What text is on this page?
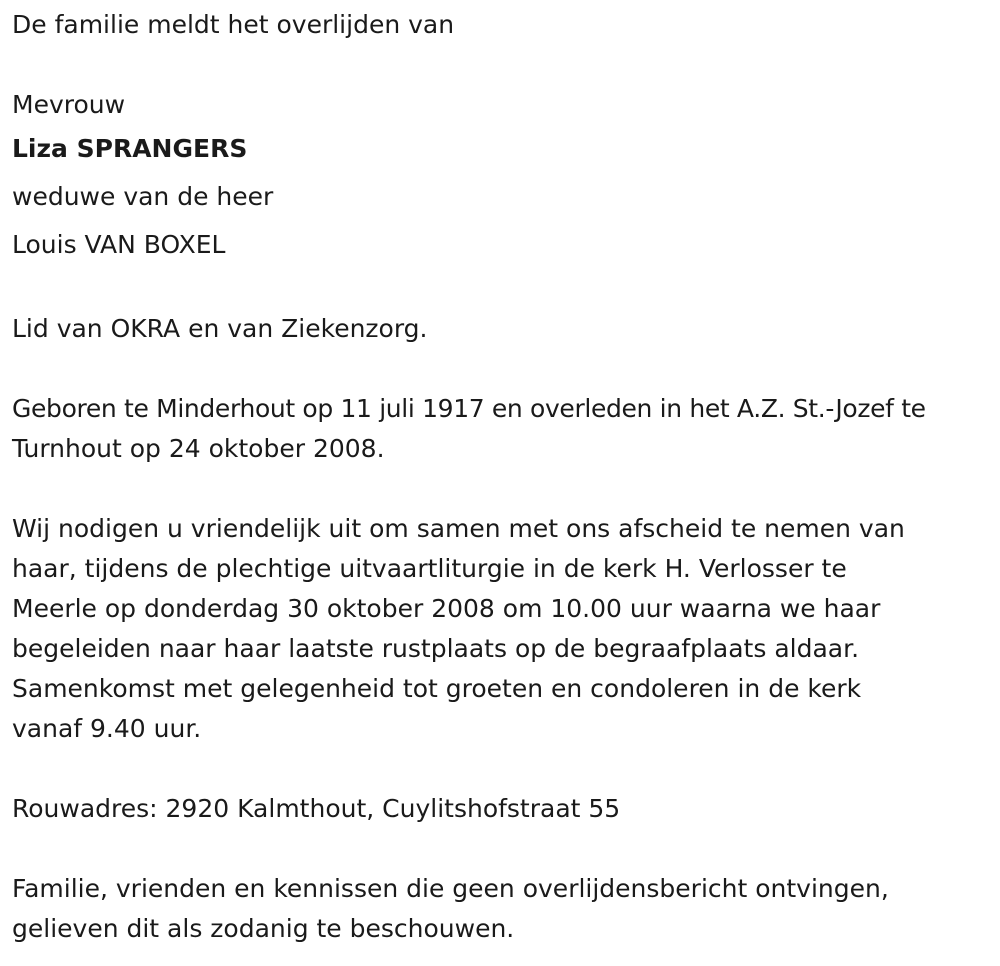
De familie meldt het overlijden van
Mevrouw
Liza SPRANGERS
weduwe van de heer
Louis VAN BOXEL
Lid van OKRA en van Ziekenzorg.
Geboren te Minderhout op 11 juli 1917 en overleden in het A.Z. St.-Jozef te
Turnhout op 24 oktober 2008.
Wij nodigen u vriendelijk uit om samen met ons afscheid te nemen van
haar, tijdens de plechtige uitvaartliturgie in de kerk H. Verlosser te
Meerle op donderdag 30 oktober 2008 om 10.00 uur waarna we haar
begeleiden naar haar laatste rustplaats op de begraafplaats aldaar.
Samenkomst met gelegenheid tot groeten en condoleren in de kerk
vanaf 9.40 uur.
Rouwadres: 2920 Kalmthout, Cuylitshofstraat 55
Familie, vrienden en kennissen die geen overlijdensbericht ontvingen,
gelieven dit als zodanig te beschouwen.
